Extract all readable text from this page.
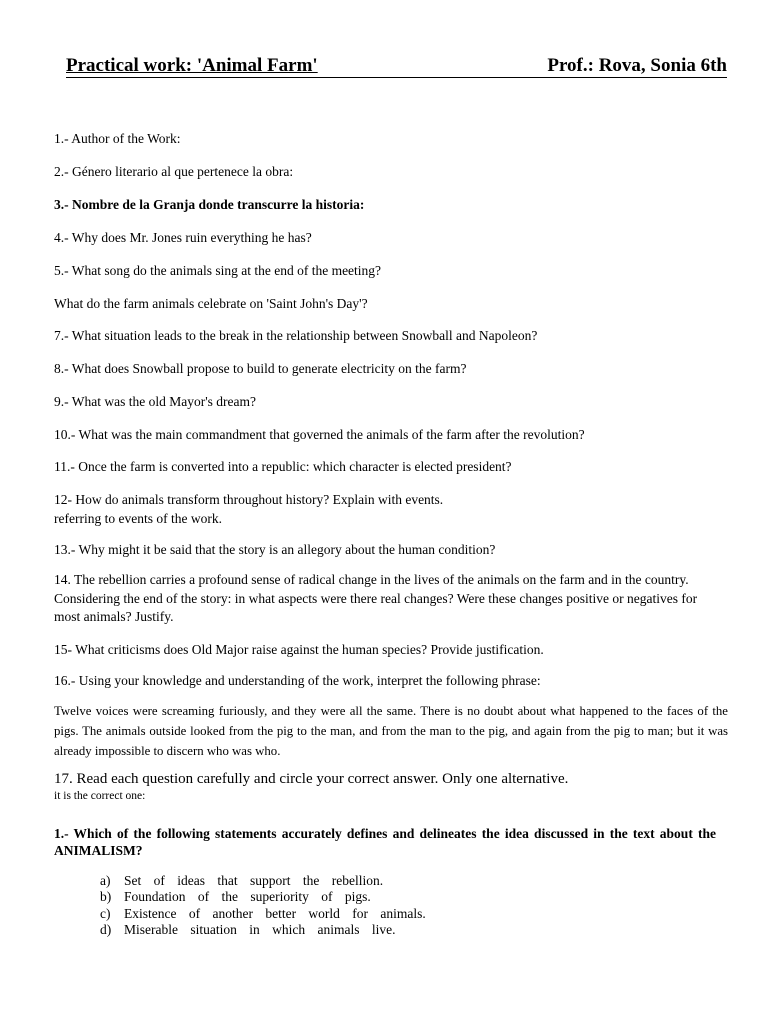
Practical work: 'Animal Farm'	Prof.: Rova, Sonia 6th
1.- Author of the Work:
2.- Género literario al que pertenece la obra:
3.- Nombre de la Granja donde transcurre la historia:
4.- Why does Mr. Jones ruin everything he has?
5.- What song do the animals sing at the end of the meeting?
What do the farm animals celebrate on 'Saint John's Day'?
7.- What situation leads to the break in the relationship between Snowball and Napoleon?
8.- What does Snowball propose to build to generate electricity on the farm?
9.- What was the old Mayor's dream?
10.- What was the main commandment that governed the animals of the farm after the revolution?
11.- Once the farm is converted into a republic: which character is elected president?
12- How do animals transform throughout history? Explain with events.
referring to events of the work.
13.- Why might it be said that the story is an allegory about the human condition?
14. The rebellion carries a profound sense of radical change in the lives of the animals on the farm and in the country. Considering the end of the story: in what aspects were there real changes? Were these changes positive or negatives for most animals? Justify.
15- What criticisms does Old Major raise against the human species? Provide justification.
16.- Using your knowledge and understanding of the work, interpret the following phrase:
Twelve voices were screaming furiously, and they were all the same. There is no doubt about what happened to the faces of the pigs. The animals outside looked from the pig to the man, and from the man to the pig, and again from the pig to man; but it was already impossible to discern who was who.
17. Read each question carefully and circle your correct answer. Only one alternative.
it is the correct one:
1.- Which of the following statements accurately defines and delineates the idea discussed in the text about the ANIMALISM?
a) Set of ideas that support the rebellion.
b) Foundation of the superiority of pigs.
c) Existence of another better world for animals.
d) Miserable situation in which animals live.
